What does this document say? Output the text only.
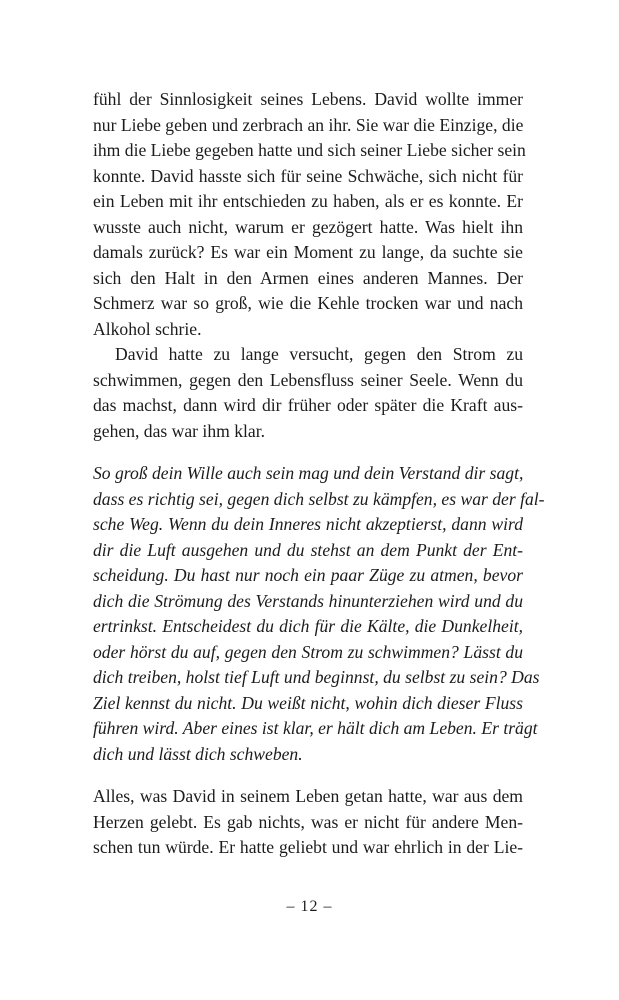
fühl der Sinnlosigkeit seines Lebens. David wollte immer
nur Liebe geben und zerbrach an ihr. Sie war die Einzige, die
ihm die Liebe gegeben hatte und sich seiner Liebe sicher sein
konnte. David hasste sich für seine Schwäche, sich nicht für
ein Leben mit ihr entschieden zu haben, als er es konnte. Er
wusste auch nicht, warum er gezögert hatte. Was hielt ihn
damals zurück? Es war ein Moment zu lange, da suchte sie
sich den Halt in den Armen eines anderen Mannes. Der
Schmerz war so groß, wie die Kehle trocken war und nach
Alkohol schrie.
David hatte zu lange versucht, gegen den Strom zu
schwimmen, gegen den Lebensfluss seiner Seele. Wenn du
das machst, dann wird dir früher oder später die Kraft aus-
gehen, das war ihm klar.
So groß dein Wille auch sein mag und dein Verstand dir sagt,
dass es richtig sei, gegen dich selbst zu kämpfen, es war der fal-
sche Weg. Wenn du dein Inneres nicht akzeptierst, dann wird
dir die Luft ausgehen und du stehst an dem Punkt der Ent-
scheidung. Du hast nur noch ein paar Züge zu atmen, bevor
dich die Strömung des Verstands hinunterziehen wird und du
ertrinkst. Entscheidest du dich für die Kälte, die Dunkelheit,
oder hörst du auf, gegen den Strom zu schwimmen? Lässt du
dich treiben, holst tief Luft und beginnst, du selbst zu sein? Das
Ziel kennst du nicht. Du weißt nicht, wohin dich dieser Fluss
führen wird. Aber eines ist klar, er hält dich am Leben. Er trägt
dich und lässt dich schweben.
Alles, was David in seinem Leben getan hatte, war aus dem
Herzen gelebt. Es gab nichts, was er nicht für andere Men-
schen tun würde. Er hatte geliebt und war ehrlich in der Lie-
– 12 –
